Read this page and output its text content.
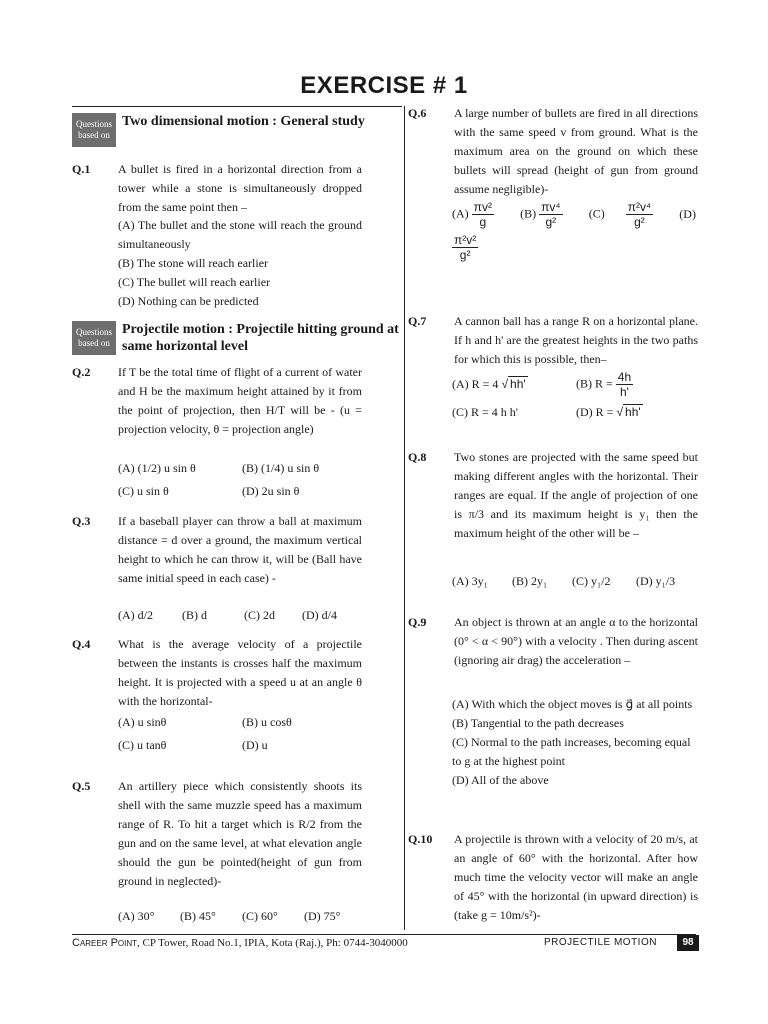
EXERCISE # 1
Questions based on
Two dimensional motion : General study
Q.1	A bullet is fired in a horizontal direction from a tower while a stone is simultaneously dropped from the same point then –
(A) The bullet and the stone will reach the ground simultaneously
(B) The stone will reach earlier
(C) The bullet will reach earlier
(D) Nothing can be predicted
Questions based on
Projectile motion : Projectile hitting ground at same horizontal level
Q.2	If T be the total time of flight of a current of water and H be the maximum height attained by it from the point of projection, then H/T will be - (u = projection velocity, θ = projection angle)
(A) (1/2) u sin θ	(B) (1/4) u sin θ
(C) u sin θ	(D) 2u sin θ
Q.3	If a baseball player can throw a ball at maximum distance = d over a ground, the maximum vertical height to which he can throw it, will be (Ball have same initial speed in each case) -
(A) d/2	(B) d	(C) 2d	(D) d/4
Q.4	What is the average velocity of a projectile between the instants is crosses half the maximum height. It is projected with a speed u at an angle θ with the horizontal-
(A) u sinθ	(B) u cosθ
(C) u tanθ	(D) u
Q.5	An artillery piece which consistently shoots its shell with the same muzzle speed has a maximum range of R. To hit a target which is R/2 from the gun and on the same level, at what elevation angle should the gun be pointed(height of gun from ground in neglected)-
(A) 30°	(B) 45°	(C) 60°	(D) 75°
Q.6	A large number of bullets are fired in all directions with the same speed v from ground. What is the maximum area on the ground on which these bullets will spread (height of gun from ground assume negligible)-
$(A) \frac{\text{πv²}}{g} (B) \frac{\text{πv⁴}}{\text{g²}} (C) \frac{\text{π²v⁴}}{\text{g²}} (D)$
$\frac{\text{π²v²}}{\text{g²}}$
Q.7	A cannon ball has a range R on a horizontal plane. If h and h' are the greatest heights in the two paths for which this is possible, then–
(A) R = 4 √ hh'	(B) $R = \frac{4h}{h'}$
(C) R = 4 h h'	(D) R = √ hh'
Q.8	Two stones are projected with the same speed but making different angles with the horizontal. Their ranges are equal. If the angle of projection of one is π/3 and its maximum height is y₁ then the maximum height of the other will be –
(A) 3y₁	(B) 2y₁	(C) y₁/2	(D) y₁/3
Q.9	An object is thrown at an angle α to the horizontal (0° < α < 90°) with a velocity . Then during ascent (ignoring air drag) the acceleration –
(A) With which the object moves is g⃗ at all points
(B) Tangential to the path decreases
(C) Normal to the path increases, becoming equal to g at the highest point
(D) All of the above
Q.10	A projectile is thrown with a velocity of 20 m/s, at an angle of 60° with the horizontal. After how much time the velocity vector will make an angle of 45° with the horizontal (in upward direction) is (take g = 10m/s²)-
Career Point, CP Tower, Road No.1, IPIA, Kota (Raj.), Ph: 0744-3040000	PROJECTILE MOTION	98
